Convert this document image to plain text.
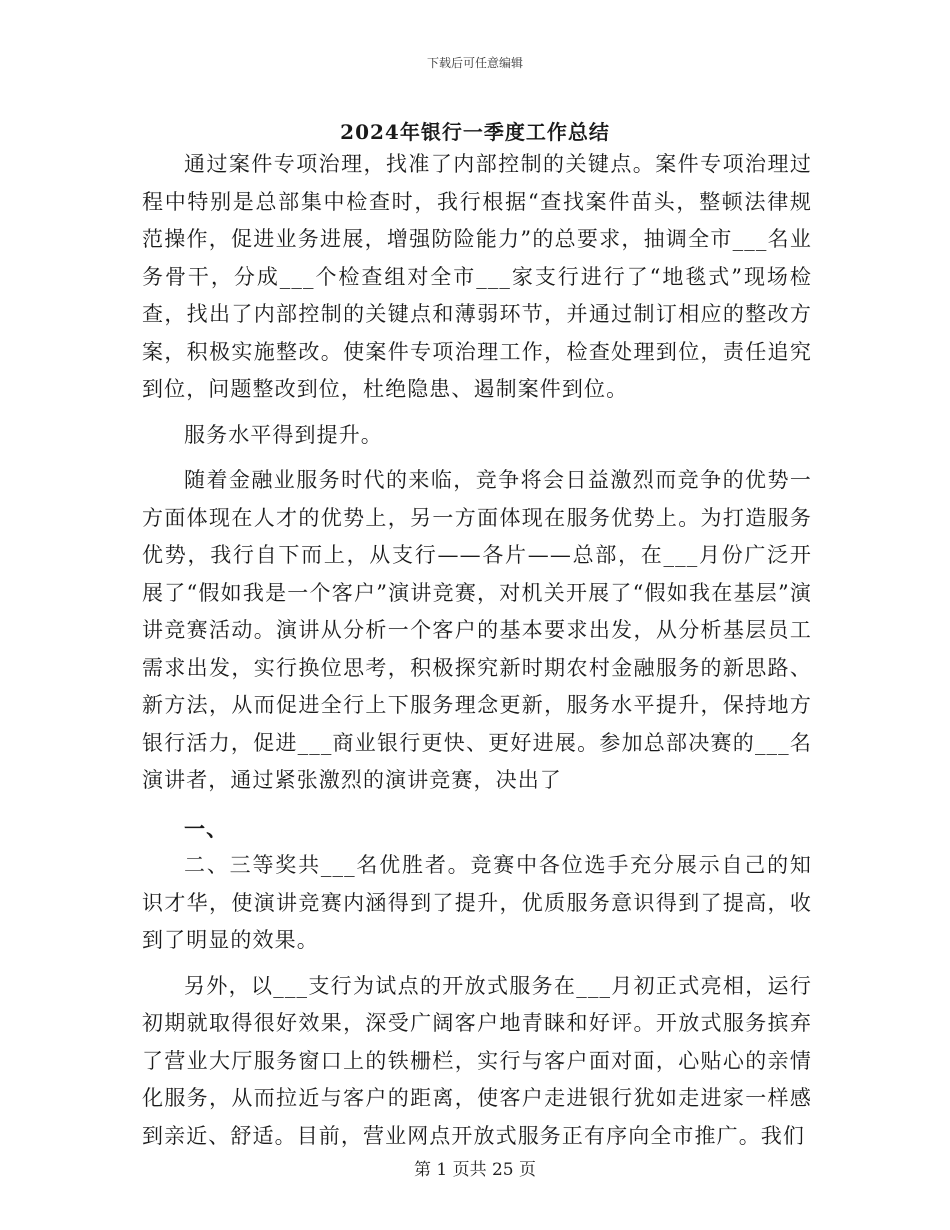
下载后可任意编辑
2024年银行一季度工作总结

通过案件专项治理，找准了内部控制的关键点。案件专项治理过程中特别是总部集中检查时，我行根据“查找案件苗头，整顿法律规范操作，促进业务进展，增强防险能力”的总要求，抽调全市___名业务骨干，分成___个检查组对全市___家支行进行了“地毯式”现场检查，找出了内部控制的关键点和薄弱环节，并通过制订相应的整改方案，积极实施整改。使案件专项治理工作，检查处理到位，责任追究到位，问题整改到位，杜绝隐患、遏制案件到位。

服务水平得到提升。

随着金融业服务时代的来临，竞争将会日益激烈而竞争的优势一方面体现在人才的优势上，另一方面体现在服务优势上。为打造服务优势，我行自下而上，从支行——各片——总部，在___月份广泛开展了“假如我是一个客户”演讲竞赛，对机关开展了“假如我在基层”演讲竞赛活动。演讲从分析一个客户的基本要求出发，从分析基层员工需求出发，实行换位思考，积极探究新时期农村金融服务的新思路、新方法，从而促进全行上下服务理念更新，服务水平提升，保持地方银行活力，促进___商业银行更快、更好进展。参加总部决赛的___名演讲者，通过紧张激烈的演讲竞赛，决出了

一、

二、三等奖共___名优胜者。竞赛中各位选手充分展示自己的知识才华，使演讲竞赛内涵得到了提升，优质服务意识得到了提高，收到了明显的效果。

另外，以___支行为试点的开放式服务在___月初正式亮相，运行初期就取得很好效果，深受广阔客户地青睐和好评。开放式服务摈弃了营业大厅服务窗口上的铁栅栏，实行与客户面对面，心贴心的亲情化服务，从而拉近与客户的距离，使客户走进银行犹如走进家一样感到亲近、舒适。目前，营业网点开放式服务正有序向全市推广。我们

第 1 页共 25 页
